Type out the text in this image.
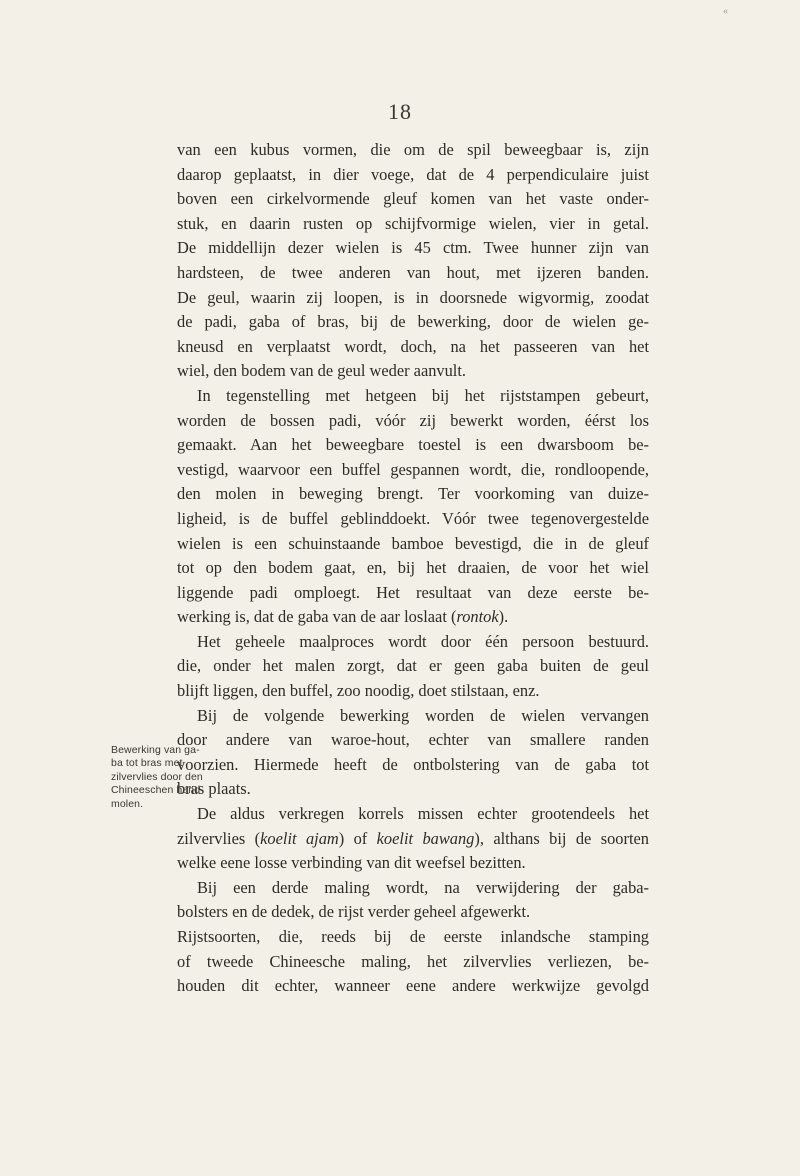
«
18
van een kubus vormen, die om de spil beweegbaar is, zijn
daarop geplaatst, in dier voege, dat de 4 perpendiculaire juist
boven een cirkelvormende gleuf komen van het vaste onder-
stuk, en daarin rusten op schijfvormige wielen, vier in getal.
De middellijn dezer wielen is 45 ctm. Twee hunner zijn van
hardsteen, de twee anderen van hout, met ijzeren banden.
De geul, waarin zij loopen, is in doorsnede wigvormig, zoodat
de padi, gaba of bras, bij de bewerking, door de wielen ge-
kneusd en verplaatst wordt, doch, na het passeeren van het
wiel, den bodem van de geul weder aanvult.
In tegenstelling met hetgeen bij het rijststampen gebeurt,
worden de bossen padi, vóór zij bewerkt worden, éérst los
gemaakt. Aan het beweegbare toestel is een dwarsboom be-
vestigd, waarvoor een buffel gespannen wordt, die, rondloopende,
den molen in beweging brengt. Ter voorkoming van duize-
ligheid, is de buffel geblinddoekt. Vóór twee tegenovergestelde
wielen is een schuinstaande bamboe bevestigd, die in de gleuf
tot op den bodem gaat, en, bij het draaien, de voor het wiel
liggende padi omploegt. Het resultaat van deze eerste be-
werking is, dat de gaba van de aar loslaat (rontok).
Het geheele maalproces wordt door één persoon bestuurd.
die, onder het malen zorgt, dat er geen gaba buiten de geul
blijft liggen, den buffel, zoo noodig, doet stilstaan, enz.
Bij de volgende bewerking worden de wielen vervangen
door andere van waroe-hout, echter van smallere randen
voorzien. Hiermede heeft de ontbolstering van de gaba tot
bras plaats.
De aldus verkregen korrels missen echter grootendeels het
zilvervlies (koelit ajam) of koelit bawang), althans bij de soorten
welke eene losse verbinding van dit weefsel bezitten.
Bij een derde maling wordt, na verwijdering der gaba-
bolsters en de dedek, de rijst verder geheel afgewerkt.
Rijstsoorten, die, reeds bij de eerste inlandsche stamping
of tweede Chineesche maling, het zilvervlies verliezen, be-
houden dit echter, wanneer eene andere werkwijze gevolgd
Bewerking van ga-
ba tot bras met
zilvervlies door den
Chineeschen hand-
molen.
